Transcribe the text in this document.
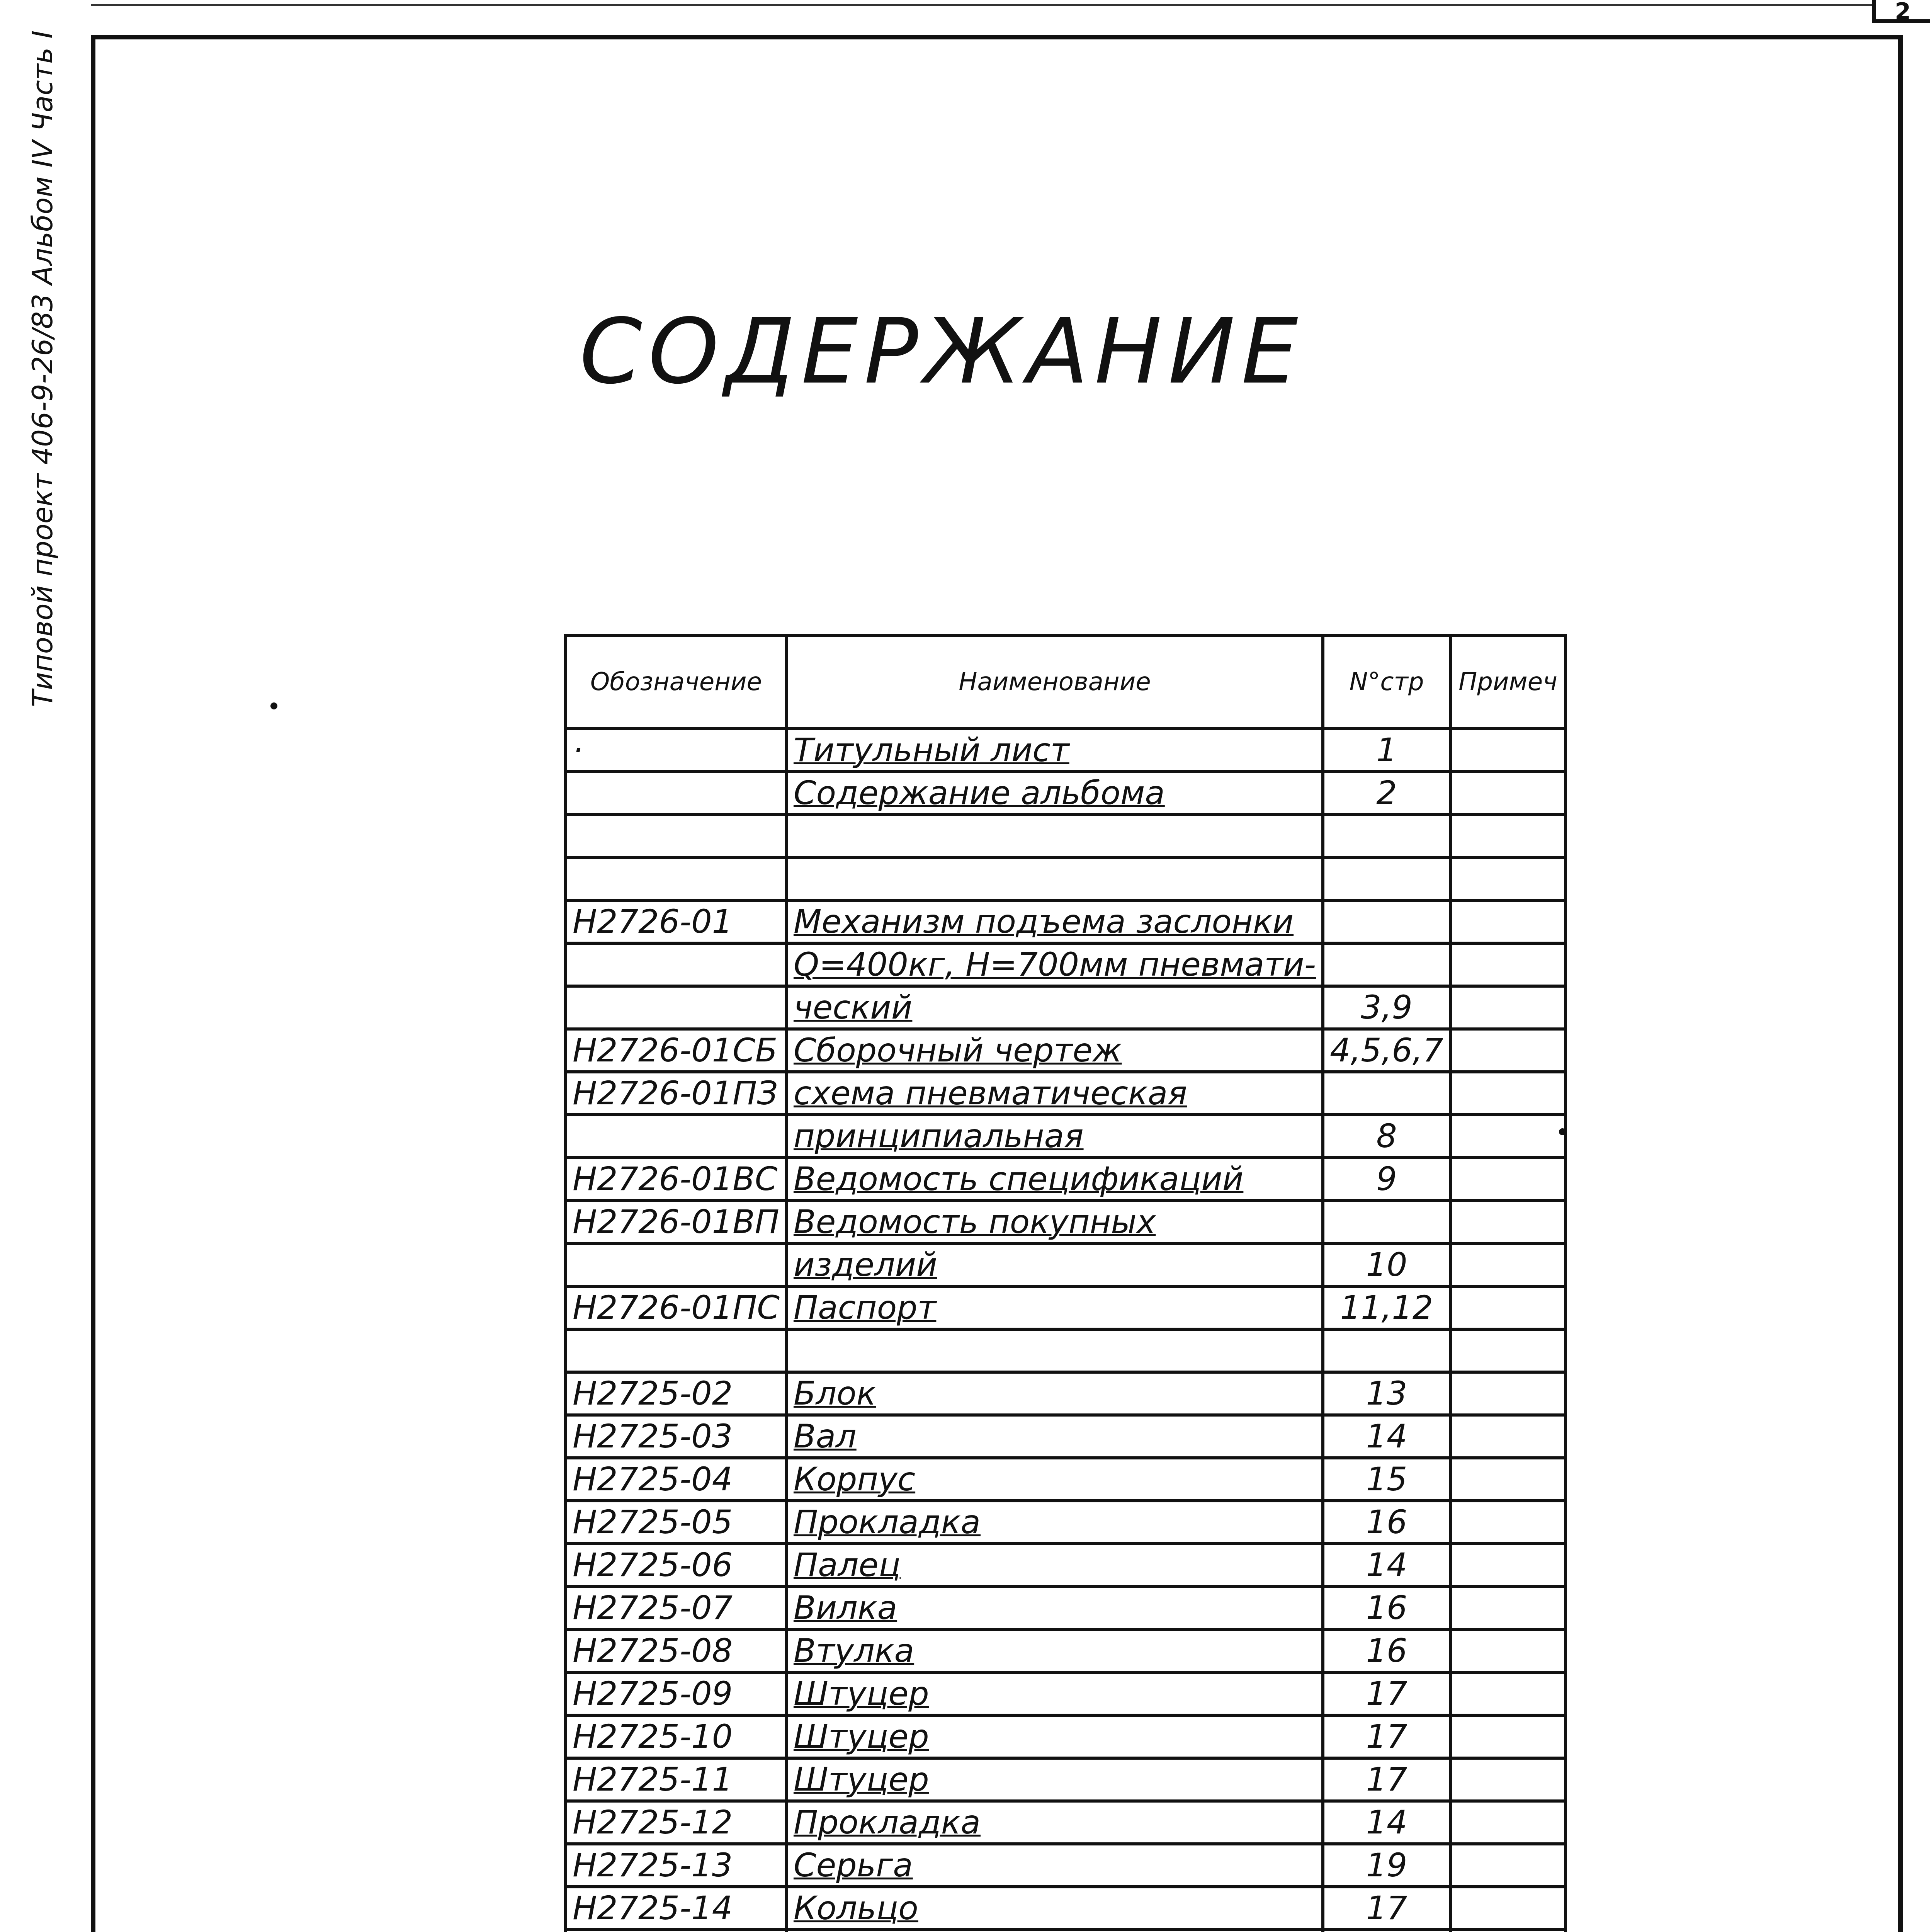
2
Типовой проект 406-9-26/83 Альбом IV Часть I	СОДЕРЖАНИЕ
Обозначение	Наименование	N°стр	Примеч
·	Титульный лист	1	
	Содержание альбома	2	

Н2726-01	Механизм подъема заслонки		
	Q=400кг, Н=700мм пневмати-		
	ческий	3,9	
Н2726-01СБ	Сборочный чертеж	4,5,6,7	
Н2726-01ПЗ	схема пневматическая		
	принципиальная	8	
Н2726-01ВС	Ведомость спецификаций	9	
Н2726-01ВП	Ведомость покупных		
	изделий	10	
Н2726-01ПС	Паспорт	11,12	

Н2725-02	Блок	13	
Н2725-03	Вал	14	
Н2725-04	Корпус	15	
Н2725-05	Прокладка	16	
Н2725-06	Палец	14	
Н2725-07	Вилка	16	
Н2725-08	Втулка	16	
Н2725-09	Штуцер	17	
Н2725-10	Штуцер	17	
Н2725-11	Штуцер	17	
Н2725-12	Прокладка	14	
Н2725-13	Серьга	19	
Н2725-14	Кольцо	17	
